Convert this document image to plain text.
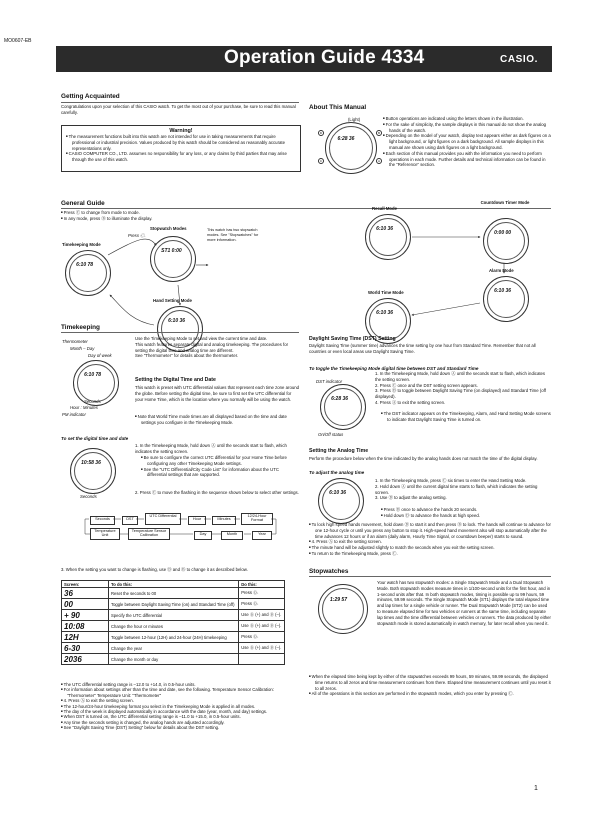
MO0607-EB
Operation Guide 4334	CASIO.
Getting Acquainted
Congratulations upon your selection of this CASIO watch. To get the most out of your purchase, be sure to read this manual carefully.
Warning!
■ The measurement functions built into this watch are not intended for use in taking measurements that require professional or industrial precision. Values produced by this watch should be considered as reasonably accurate representations only.
■ CASIO COMPUTER CO., LTD. assumes no responsibility for any loss, or any claims by third parties that may arise through the use of this watch.
About This Manual
(Light)
6:28 36
D
C
B
A
■ Button operations are indicated using the letters shown in the illustration.
■ For the sake of simplicity, the sample displays in this manual do not show the analog hands of the watch.
■ Depending on the model of your watch, display text appears either as dark figures on a light background, or light figures on a dark background. All sample displays in this manual are shown using dark figures on a light background.
■ Each section of this manual provides you with the information you need to perform operations in each mode. Further details and technical information can be found in the "Reference" section.
General Guide
■ Press Ⓒ to change from mode to mode.
■ In any mode, press Ⓑ to illuminate the display.
Press Ⓒ.
Timekeeping Mode
6:10 78
Stopwatch Modes
ST1 0:00
This watch has two stopwatch modes. See "Stopwatches" for more information.
Hand Setting Mode
6:10 36
Recall Mode
6:10 36
Countdown Timer Mode
0:00 00
World Time Mode
6:10 36
Alarm Mode
6:10 36
Timekeeping
Thermometer
Month – Day
Day of week
6:10 78
Seconds
Hour : Minutes
PM indicator

Use the Timekeeping Mode to set and view the current time and date.

This watch features separate digital and analog timekeeping. The procedures for setting the digital time and analog time are different.

See "Thermometer" for details about the thermometer.

Setting the Digital Time and Date
This watch is preset with UTC differential values that represent each time zone around the globe. Before setting the digital time, be sure to first set the UTC differential for your Home Time, which is the location where you normally will be using the watch.
■ Note that World Time mode times are all displayed based on the time and date settings you configure in the Timekeeping Mode.
To set the digital time and date
10:58 36
Seconds
1. In the Timekeeping Mode, hold down Ⓐ until the seconds start to flash, which indicates the setting screen.
■ Be sure to configure the correct UTC differential for your Home Time before configuring any other Timekeeping Mode settings.
■ See the "UTC Differential/City Code List" for information about the UTC differential settings that are supported.
2. Press Ⓒ to move the flashing in the sequence shown below to select other settings.
Seconds	DST
UTC Differential
Hour	Minutes
12/24-Hour Format
Temperature Unit
Temperature Sensor Calibration	Day	Month	Year
3. When the setting you want to change is flashing, use Ⓓ and Ⓑ to change it as described below.
Screen:	To do this:	Do this:
36	Reset the seconds to 00	Press Ⓓ.
00	Toggle between Daylight Saving Time (on) and Standard Time (off)	Press Ⓓ.
+ 90	Specify the UTC differential	Use Ⓓ (+) and Ⓑ (–).
10:08	Change the hour or minutes	Use Ⓓ (+) and Ⓑ (–).
12H	Toggle between 12-hour (12H) and 24-hour (24H) timekeeping	Press Ⓓ.
6-30	Change the year	Use Ⓓ (+) and Ⓑ (–).
2036	Change the month or day	
■ The UTC differential setting range is –12.0 to +14.0, in 0.5-hour units.
■ For information about settings other than the time and date, see the following. Temperature Sensor Calibration: "Thermometer" Temperature Unit: "Thermometer"
■ 4. Press Ⓐ to exit the setting screen.
■ The 12-hour/24-hour timekeeping format you select in the Timekeeping Mode is applied in all modes.
■ The day of the week is displayed automatically in accordance with the date (year, month, and day) settings.
■ When DST is turned on, the UTC differential setting range is –11.0 to +15.0, in 0.5-hour units.
■ Any time the seconds setting is changed, the analog hands are adjusted accordingly.
■ See "Daylight Saving Time (DST) Setting" below for details about the DST setting.
Daylight Saving Time (DST) Setting
Daylight Saving Time (summer time) advances the time setting by one hour from Standard Time. Remember that not all countries or even local areas use Daylight Saving Time.
To toggle the Timekeeping Mode digital time between DST and Standard Time
DST indicator
6:28 36
On/Off status

1. In the Timekeeping Mode, hold down Ⓐ until the seconds start to flash, which indicates the setting screen.

2. Press Ⓒ once and the DST setting screen appears.

3. Press Ⓓ to toggle between Daylight Saving Time (on displayed) and Standard Time (off displayed).

4. Press Ⓐ to exit the setting screen.

■ The DST indicator appears on the Timekeeping, Alarm, and Hand Setting Mode screens to indicate that Daylight Saving Time is turned on.
Setting the Analog Time
Perform the procedure below when the time indicated by the analog hands does not match the time of the digital display.
To adjust the analog time
6:10 36

1. In the Timekeeping Mode, press Ⓒ six times to enter the Hand Setting Mode.

2. Hold down Ⓐ until the current digital time starts to flash, which indicates the setting screen.

3. Use Ⓓ to adjust the analog setting.

■ Press Ⓓ once to advance the hands 20 seconds.
■ Hold down Ⓓ to advance the hands at high speed.
■ To lock high speed hands movement, hold down Ⓓ to start it and then press Ⓑ to lock. The hands will continue to advance for one 12-hour cycle or until you press any button to stop it. High-speed hand movement also will stop automatically after the time advances 12 hours or if an alarm (daily alarm, Hourly Time Signal, or countdown beeper) starts to sound.
■ 4. Press Ⓐ to exit the setting screen.
■ The minute hand will be adjusted slightly to match the seconds when you exit the setting screen.
■ To return to the Timekeeping Mode, press Ⓒ.
Stopwatches
1:29 57
Your watch has two stopwatch modes: a Single Stopwatch Mode and a Dual Stopwatch Mode. Both stopwatch modes measure times in 1/100-second units for the first hour, and in 1-second units after that. In both stopwatch modes, timing is possible up to 99 hours, 59 minutes, 59.99 seconds. The Single Stopwatch Mode (ST1) displays the total elapsed time and lap times for a single vehicle or runner. The Dual Stopwatch Mode (ST2) can be used to measure elapsed time for two vehicles or runners at the same time, including separate lap times and the time differential between vehicles or runners. The data produced by either stopwatch mode is stored automatically in watch memory, for later recall when you need it.
■ When the elapsed time being kept by either of the stopwatches exceeds 99 hours, 59 minutes, 59.99 seconds, the displayed time returns to all zeros and time measurement continues from there. Elapsed time measurement continues until you reset it to all zeros.
■ All of the operations in this section are performed in the stopwatch modes, which you enter by pressing Ⓒ.
1
